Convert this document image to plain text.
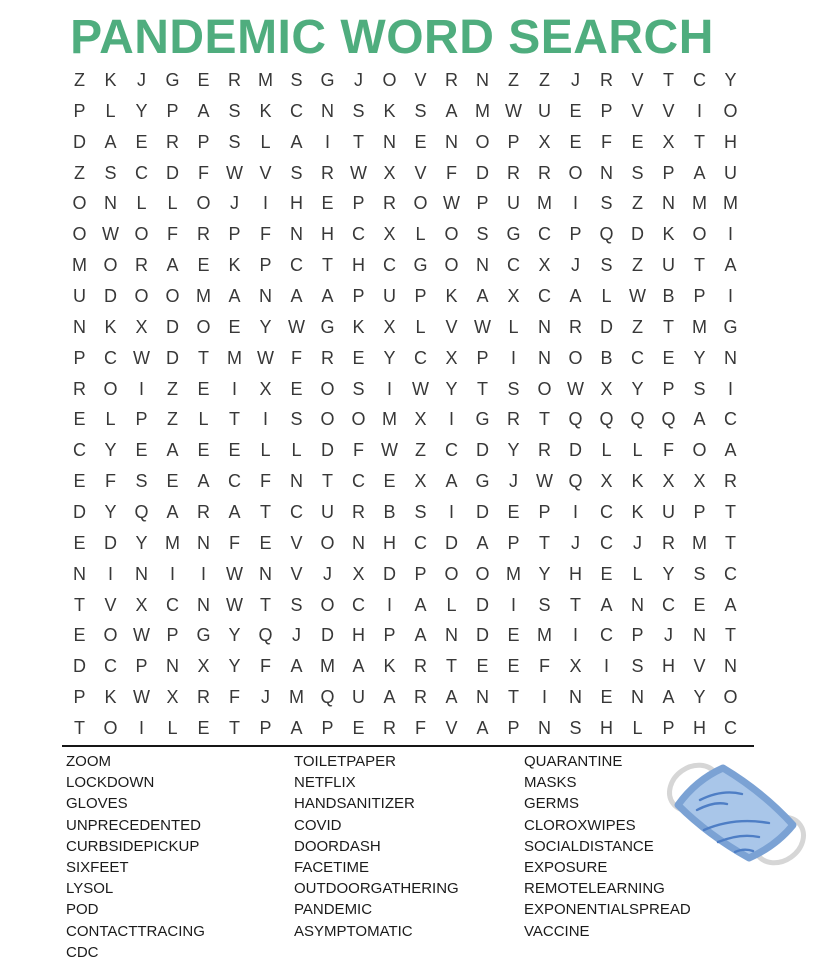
PANDEMIC WORD SEARCH
Z	K	J	G E	R M S G	J	O V	R	N	Z	Z	J	R	V	T	C	Y
P	L	Y	P	A	S	K	C	N	S	K	S	A M W U	E	P	V	V	I	O
D	A	E	R	P	S	L	A	I	T	N	E	N O P	X	E	F	E	X	T	H
Z	S	C	D	F W V	S	R W X	V	F	D	R	R O N	S	P	A	U
O N	L	L	O	J	I	H	E	P	R O W P	U M	I	S	Z	N M M
O W O	F	R	P	F	N	H	C	X	L	O S G C	P Q D	K O	I
M O R	A	E	K	P	C	T	H	C G O N	C	X	J	S	Z	U	T	A
U	D O O M A	N	A	A	P	U	P	K	A	X	C	A	L W B	P	I
N	K	X	D O E	Y W G K	X	L	V W L	N	R	D	Z	T	M G
P	C W D	T	M W F	R	E	Y	C	X	P	I	N O B	C	E	Y	N
R O	I	Z	E	I	X	E O S	I	W Y	T	S O W X	Y	P	S	I
E	L	P	Z	L	T	I	S O O M X	I	G R	T	Q Q Q Q A	C
C	Y	E	A	E	E	L	L	D	F W Z	C	D	Y	R	D	L	L	F	O A
E	F	S	E	A	C	F	N	T	C	E	X	A G	J	W Q X	K	X	X	R
D	Y Q A	R	A	T	C	U	R	B	S	I	D	E	P	I	C	K	U	P	T
E	D	Y M N	F	E	V O N	H	C	D	A	P	T	J	C	J	R M	T
N	I	N	I	I	W N	V	J	X	D	P O O M Y	H	E	L	Y	S	C
T	V	X	C	N W T	S O C	I	A	L	D	I	S	T	A	N	C	E	A
E O W P G Y Q	J	D	H	P	A	N	D	E M	I	C	P	J	N	T
D	C	P	N	X	Y	F	A M A	K	R	T	E	E	F	X	I	S	H	V	N
P	K W X	R	F	J	M Q U	A	R	A	N	T	I	N	E	N	A	Y O
T	O	I	L	E	T	P	A	P	E	R	F	V	A	P	N	S	H	L	P	H	C
ZOOM
LOCKDOWN
GLOVES
UNPRECEDENTED
CURBSIDEPICKUP
SIXFEET
LYSOL
POD
CONTACTTRACING
CDC
TOILETPAPER
NETFLIX
HANDSANITIZER
COVID
DOORDASH
FACETIME
OUTDOORGATHERING
PANDEMIC
ASYMPTOMATIC
QUARANTINE
MASKS
GERMS
CLOROXWIPES
SOCIALDISTANCE
EXPOSURE
REMOTELEARNING
EXPONENTIALSPREAD
VACCINE
